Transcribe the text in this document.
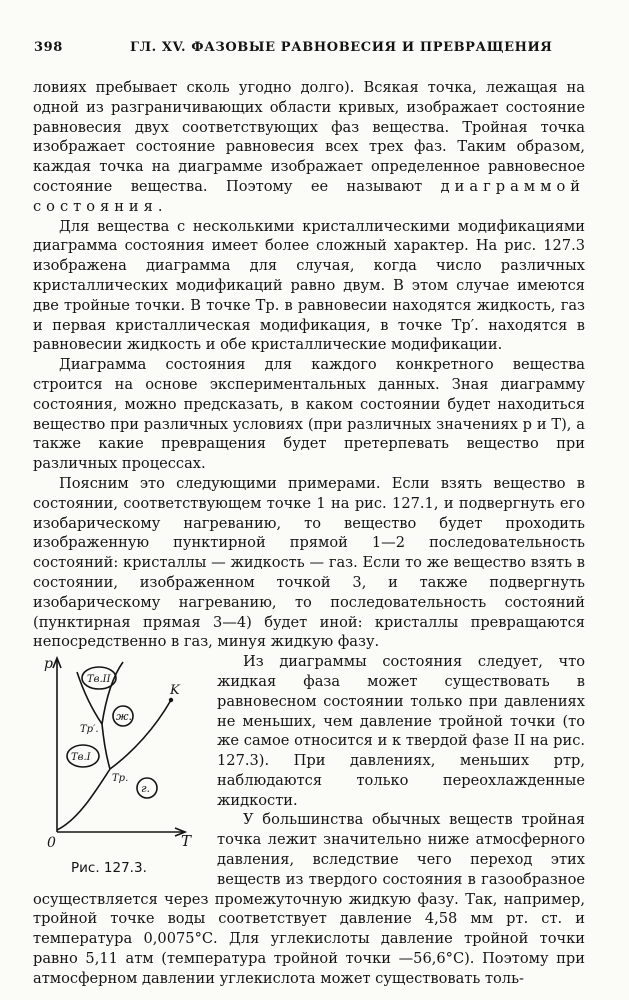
398	ГЛ. XV. ФАЗОВЫЕ РАВНОВЕСИЯ И ПРЕВРАЩЕНИЯ

ловиях пребывает сколь угодно долго). Всякая точка, лежащая на одной из разграничивающих области кривых, изображает состояние равновесия двух соответствующих фаз вещества. Тройная точка изображает состояние равновесия всех трех фаз. Таким образом, каждая точка на диаграмме изображает определенное равновесное состояние вещества. Поэтому ее называют диаграммой состояния.

Для вещества с несколькими кристаллическими модификациями диаграмма состояния имеет более сложный характер. На рис. 127.3 изображена диаграмма для случая, когда число различных кристаллических модификаций равно двум. В этом случае имеются две тройные точки. В точке Тр. в равновесии находятся жидкость, газ и первая кристаллическая модификация, в точке Тр′. находятся в равновесии жидкость и обе кристаллические модификации.

Диаграмма состояния для каждого конкретного вещества строится на основе экспериментальных данных. Зная диаграмму состояния, можно предсказать, в каком состоянии будет находиться вещество при различных условиях (при различных значениях р и Т), а также какие превращения будет претерпевать вещество при различных процессах.

Поясним это следующими примерами. Если взять вещество в состоянии, соответствующем точке 1 на рис. 127.1, и подвергнуть его изобарическому нагреванию, то вещество будет проходить изображенную пунктирной прямой 1—2 последовательность состояний: кристаллы — жидкость — газ. Если то же вещество взять в состоянии, изображенном точкой 3, и также подвергнуть изобарическому нагреванию, то последовательность состояний (пунктирная прямая 3—4) будет иной: кристаллы превращаются непосредственно в газ, минуя жидкую фазу.

p
T
0
Тв.II
ж.
Тв.I
г.
K
Тр.
Тр′.
Рис. 127.3.

Из диаграммы состояния следует, что жидкая фаза может существовать в равновесном состоянии только при давлениях не меньших, чем давление тройной точки (то же самое относится и к твердой фазе II на рис. 127.3). При давлениях, меньших ртр, наблюдаются только переохлажденные жидкости.

У большинства обычных веществ тройная точка лежит значительно ниже атмосферного давления, вследствие чего переход этих веществ из твердого состояния в газообразное осуществляется через промежуточную жидкую фазу. Так, например, тройной точке воды соответствует давление 4,58 мм рт. ст. и температура 0,0075°С. Для углекислоты давление тройной точки равно 5,11 атм (температура тройной точки —56,6°С). Поэтому при атмосферном давлении углекислота может существовать толь-
